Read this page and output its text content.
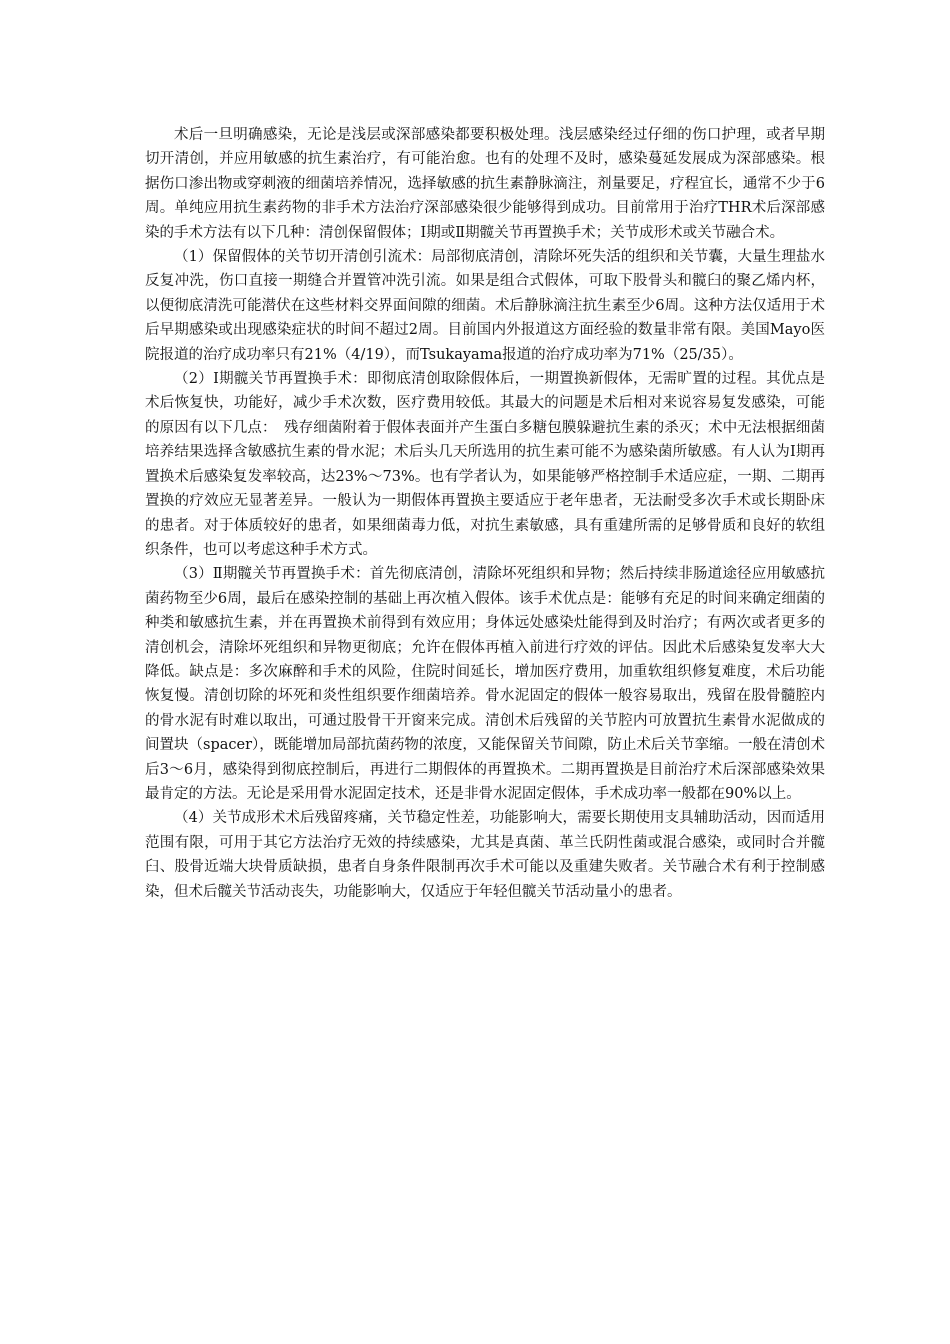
术后一旦明确感染，无论是浅层或深部感染都要积极处理。浅层感染经过仔细的伤口护理，或者早期切开清创，并应用敏感的抗生素治疗，有可能治愈。也有的处理不及时，感染蔓延发展成为深部感染。根据伤口渗出物或穿刺液的细菌培养情况，选择敏感的抗生素静脉滴注，剂量要足，疗程宜长，通常不少于6周。单纯应用抗生素药物的非手术方法治疗深部感染很少能够得到成功。目前常用于治疗THR术后深部感染的手术方法有以下几种：清创保留假体；Ⅰ期或Ⅱ期髋关节再置换手术；关节成形术或关节融合术。

（1）保留假体的关节切开清创引流术：局部彻底清创，清除坏死失活的组织和关节囊，大量生理盐水反复冲洗，伤口直接一期缝合并置管冲洗引流。如果是组合式假体，可取下股骨头和髋臼的聚乙烯内杯，以便彻底清洗可能潜伏在这些材料交界面间隙的细菌。术后静脉滴注抗生素至少6周。这种方法仅适用于术后早期感染或出现感染症状的时间不超过2周。目前国内外报道这方面经验的数量非常有限。美国Mayo医院报道的治疗成功率只有21%（4/19），而Tsukayama报道的治疗成功率为71%（25/35）。

（2）Ⅰ期髋关节再置换手术：即彻底清创取除假体后，一期置换新假体，无需旷置的过程。其优点是术后恢复快，功能好，减少手术次数，医疗费用较低。其最大的问题是术后相对来说容易复发感染，可能的原因有以下几点：　残存细菌附着于假体表面并产生蛋白多糖包膜躲避抗生素的杀灭；术中无法根据细菌培养结果选择含敏感抗生素的骨水泥；术后头几天所选用的抗生素可能不为感染菌所敏感。有人认为Ⅰ期再置换术后感染复发率较高，达23%～73%。也有学者认为，如果能够严格控制手术适应症，一期、二期再置换的疗效应无显著差异。一般认为一期假体再置换主要适应于老年患者，无法耐受多次手术或长期卧床的患者。对于体质较好的患者，如果细菌毒力低，对抗生素敏感，具有重建所需的足够骨质和良好的软组织条件，也可以考虑这种手术方式。

（3）Ⅱ期髋关节再置换手术：首先彻底清创，清除坏死组织和异物；然后持续非肠道途径应用敏感抗菌药物至少6周，最后在感染控制的基础上再次植入假体。该手术优点是：能够有充足的时间来确定细菌的种类和敏感抗生素，并在再置换术前得到有效应用；身体远处感染灶能得到及时治疗；有两次或者更多的清创机会，清除坏死组织和异物更彻底；允许在假体再植入前进行疗效的评估。因此术后感染复发率大大降低。缺点是：多次麻醉和手术的风险，住院时间延长，增加医疗费用，加重软组织修复难度，术后功能恢复慢。清创切除的坏死和炎性组织要作细菌培养。骨水泥固定的假体一般容易取出，残留在股骨髓腔内的骨水泥有时难以取出，可通过股骨干开窗来完成。清创术后残留的关节腔内可放置抗生素骨水泥做成的间置块（spacer），既能增加局部抗菌药物的浓度，又能保留关节间隙，防止术后关节挛缩。一般在清创术后3～6月，感染得到彻底控制后，再进行二期假体的再置换术。二期再置换是目前治疗术后深部感染效果最肯定的方法。无论是采用骨水泥固定技术，还是非骨水泥固定假体，手术成功率一般都在90%以上。

（4）关节成形术术后残留疼痛，关节稳定性差，功能影响大，需要长期使用支具辅助活动，因而适用范围有限，可用于其它方法治疗无效的持续感染，尤其是真菌、革兰氏阴性菌或混合感染，或同时合并髋臼、股骨近端大块骨质缺损，患者自身条件限制再次手术可能以及重建失败者。关节融合术有利于控制感染，但术后髋关节活动丧失，功能影响大，仅适应于年轻但髋关节活动量小的患者。
